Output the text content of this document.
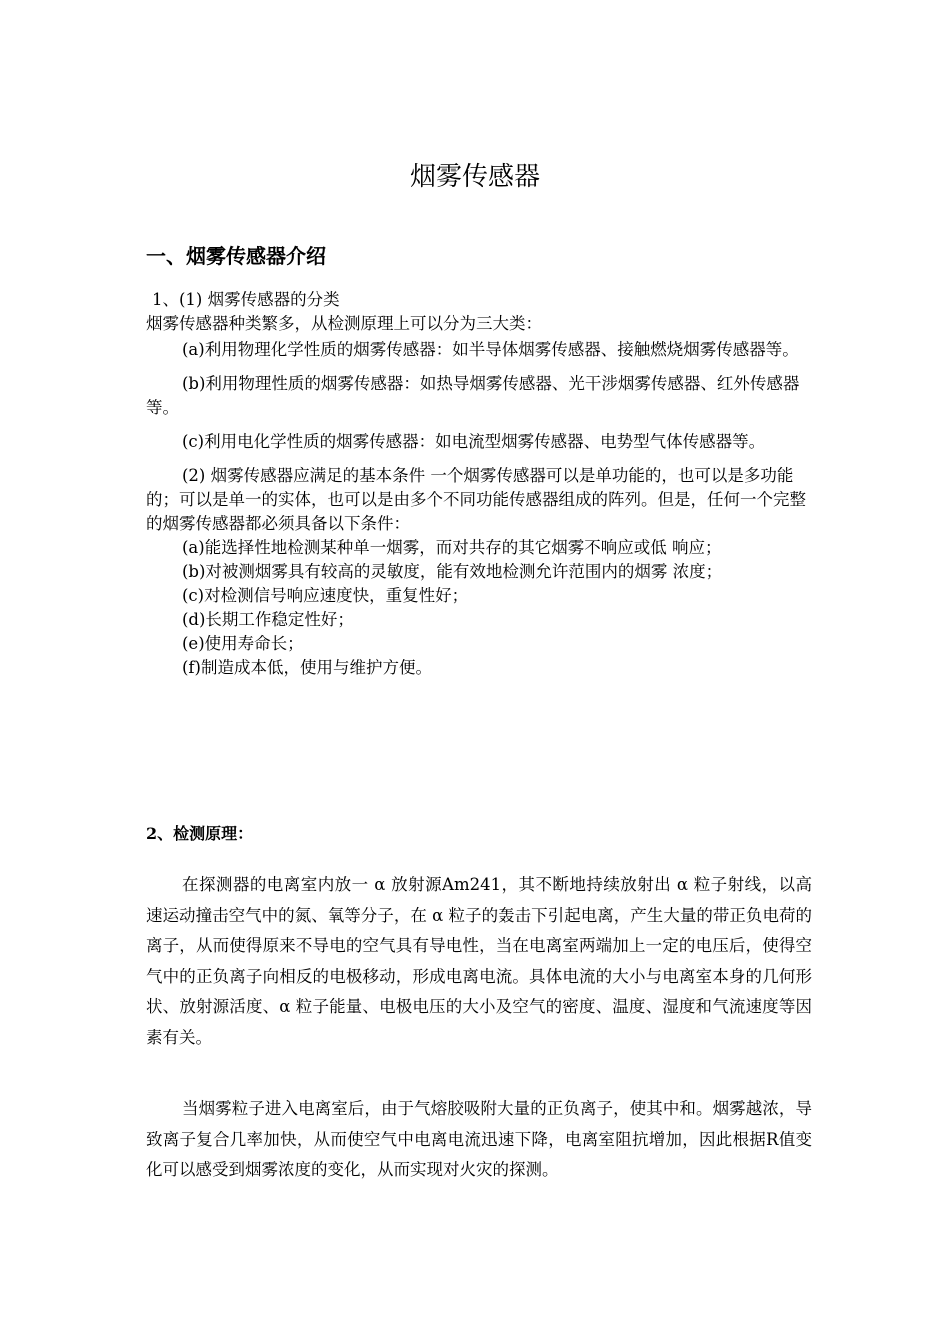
烟雾传感器
一、烟雾传感器介绍

1、(1) 烟雾传感器的分类

烟雾传感器种类繁多，从检测原理上可以分为三大类：

(a)利用物理化学性质的烟雾传感器：如半导体烟雾传感器、接触燃烧烟雾传感器等。

(b)利用物理性质的烟雾传感器：如热导烟雾传感器、光干涉烟雾传感器、红外传感器等。

(c)利用电化学性质的烟雾传感器：如电流型烟雾传感器、电势型气体传感器等。

(2) 烟雾传感器应满足的基本条件 一个烟雾传感器可以是单功能的，也可以是多功能的；可以是单一的实体，也可以是由多个不同功能传感器组成的阵列。但是，任何一个完整的烟雾传感器都必须具备以下条件：

(a)能选择性地检测某种单一烟雾，而对共存的其它烟雾不响应或低 响应；

(b)对被测烟雾具有较高的灵敏度，能有效地检测允许范围内的烟雾 浓度；

(c)对检测信号响应速度快，重复性好；

(d)长期工作稳定性好；

(e)使用寿命长；

(f)制造成本低，使用与维护方便。

2、检测原理：

在探测器的电离室内放一 α 放射源Am241，其不断地持续放射出 α 粒子射线，以高速运动撞击空气中的氮、氧等分子，在 α 粒子的轰击下引起电离，产生大量的带正负电荷的离子，从而使得原来不导电的空气具有导电性，当在电离室两端加上一定的电压后，使得空气中的正负离子向相反的电极移动，形成电离电流。具体电流的大小与电离室本身的几何形状、放射源活度、α 粒子能量、电极电压的大小及空气的密度、温度、湿度和气流速度等因素有关。

当烟雾粒子进入电离室后，由于气熔胶吸附大量的正负离子，使其中和。烟雾越浓，导致离子复合几率加快，从而使空气中电离电流迅速下降，电离室阻抗增加，因此根据R值变化可以感受到烟雾浓度的变化，从而实现对火灾的探测。
